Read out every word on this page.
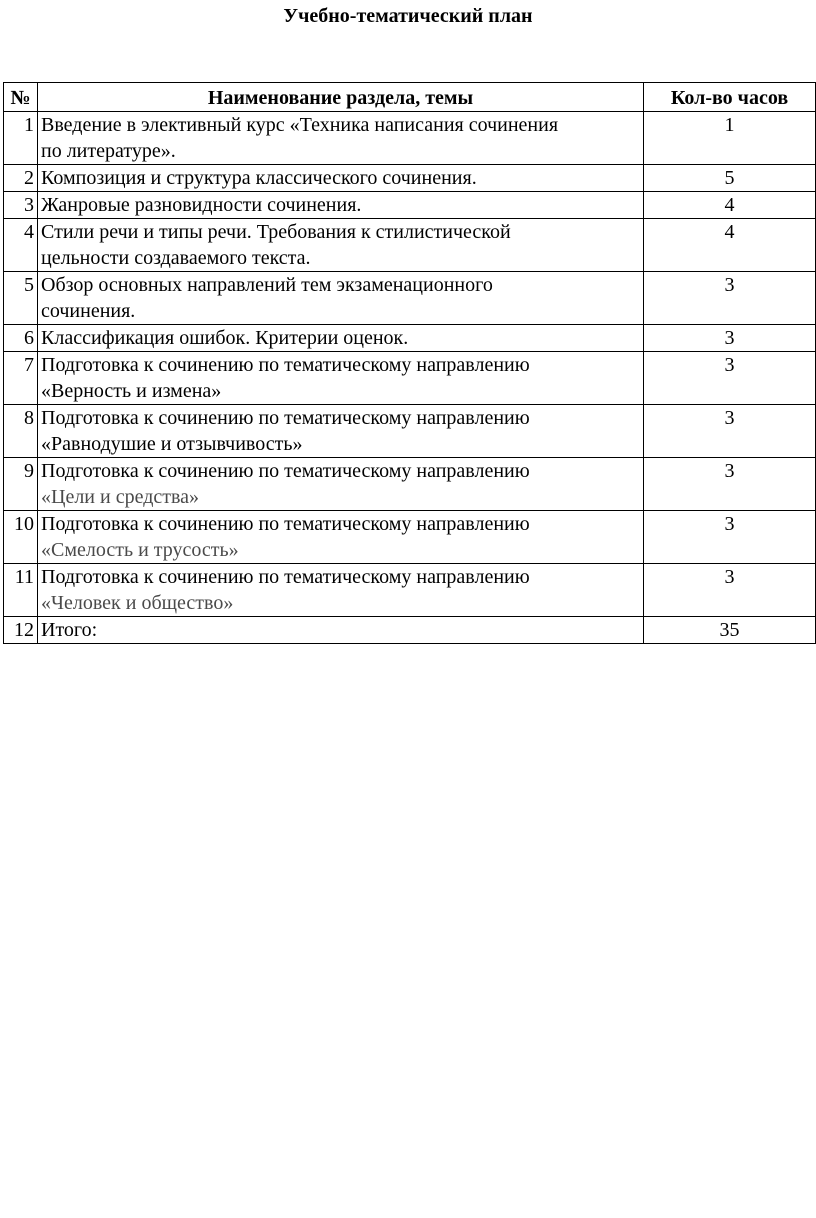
Учебно-тематический план
№	Наименование раздела, темы	Кол-во часов
1	Введение в элективный курс «Техника написания сочинения
по литературе».	1
2	Композиция и структура классического сочинения.	5
3	Жанровые разновидности сочинения.	4
4	Стили речи и типы речи. Требования к стилистической
цельности создаваемого текста.	4
5	Обзор основных направлений тем экзаменационного
сочинения.	3
6	Классификация ошибок. Критерии оценок.	3
7	Подготовка к сочинению по тематическому направлению
«Верность и измена»	3
8	Подготовка к сочинению по тематическому направлению
«Равнодушие и отзывчивость»	3
9	Подготовка к сочинению по тематическому направлению
«Цели и средства»	3
10	Подготовка к сочинению по тематическому направлению
«Смелость и трусость»	3
11	Подготовка к сочинению по тематическому направлению
«Человек и общество»	3
12	Итого:	35
